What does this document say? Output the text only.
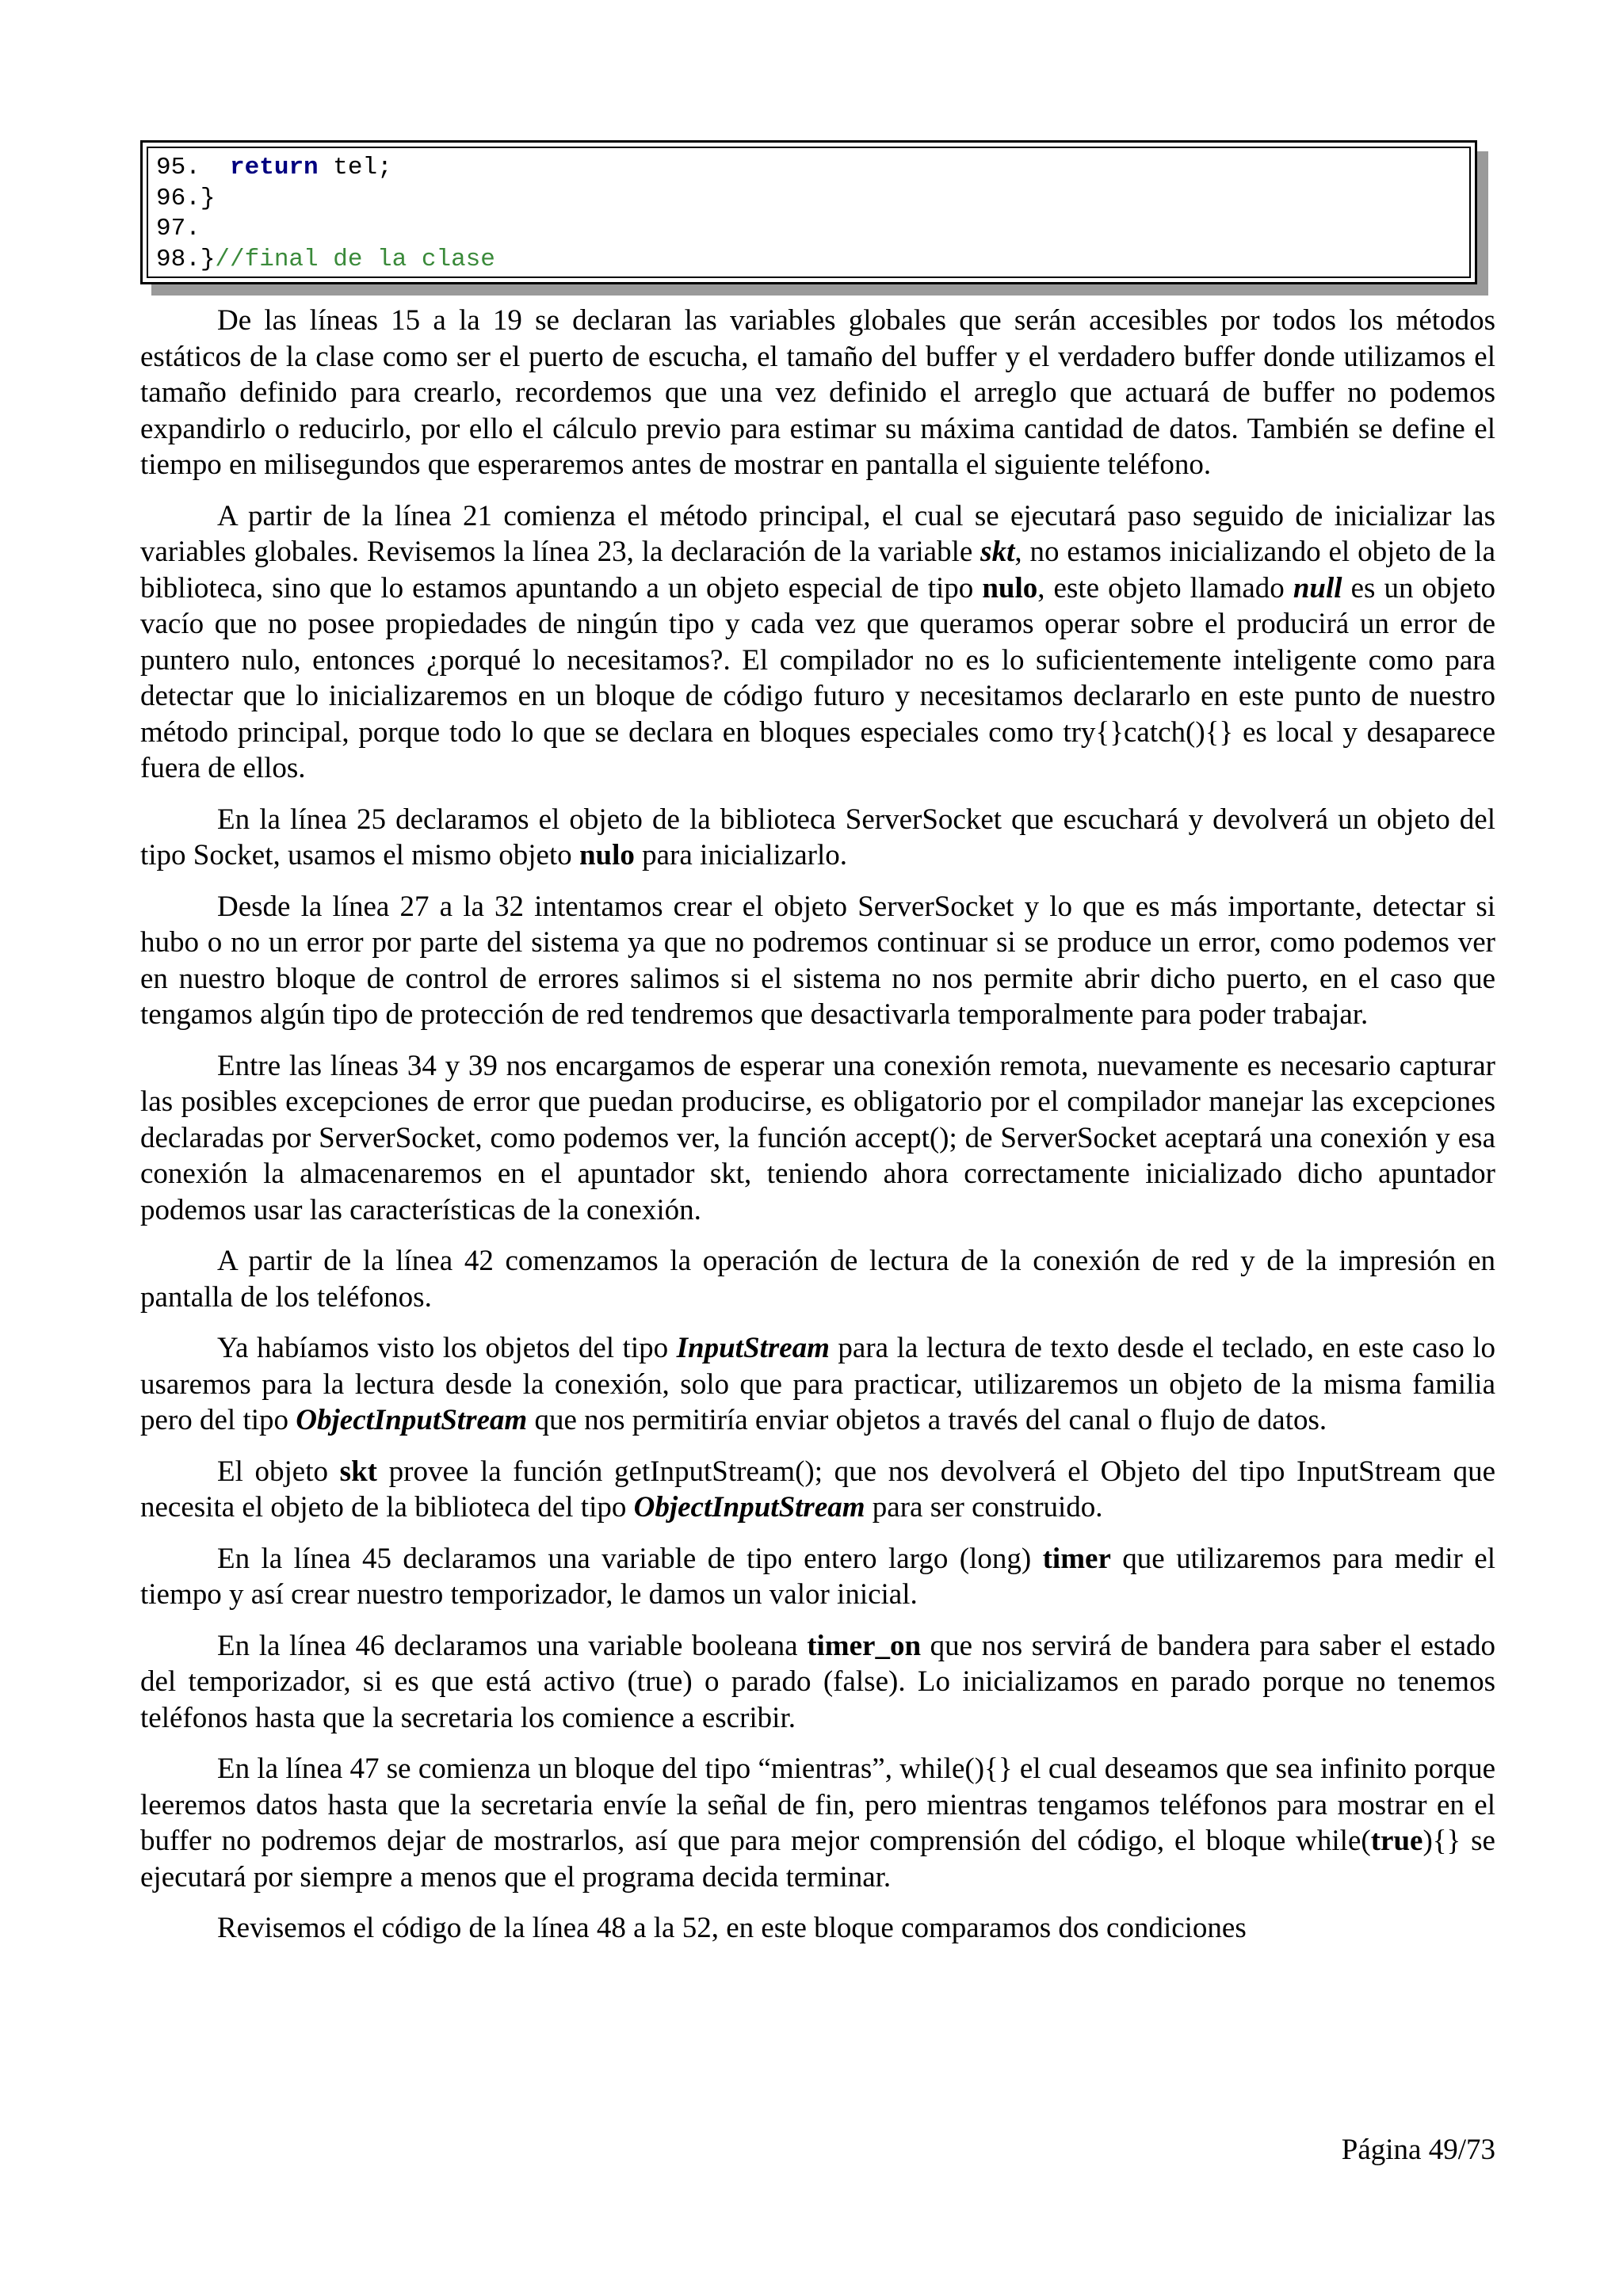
95. return tel;
96.}
97.
98.}//final de la clase

De las líneas 15 a la 19 se declaran las variables globales que serán accesibles por todos los métodos estáticos de la clase como ser el puerto de escucha, el tamaño del buffer y el verdadero buffer donde utilizamos el tamaño definido para crearlo, recordemos que una vez definido el arreglo que actuará de buffer no podemos expandirlo o reducirlo, por ello el cálculo previo para estimar su máxima cantidad de datos. También se define el tiempo en milisegundos que esperaremos antes de mostrar en pantalla el siguiente teléfono.

A partir de la línea 21 comienza el método principal, el cual se ejecutará paso seguido de inicializar las variables globales. Revisemos la línea 23, la declaración de la variable skt, no estamos inicializando el objeto de la biblioteca, sino que lo estamos apuntando a un objeto especial de tipo nulo, este objeto llamado null es un objeto vacío que no posee propiedades de ningún tipo y cada vez que queramos operar sobre el producirá un error de puntero nulo, entonces ¿porqué lo necesitamos?. El compilador no es lo suficientemente inteligente como para detectar que lo inicializaremos en un bloque de código futuro y necesitamos declararlo en este punto de nuestro método principal, porque todo lo que se declara en bloques especiales como try{}catch(){} es local y desaparece fuera de ellos.

En la línea 25 declaramos el objeto de la biblioteca ServerSocket que escuchará y devolverá un objeto del tipo Socket, usamos el mismo objeto nulo para inicializarlo.

Desde la línea 27 a la 32 intentamos crear el objeto ServerSocket y lo que es más importante, detectar si hubo o no un error por parte del sistema ya que no podremos continuar si se produce un error, como podemos ver en nuestro bloque de control de errores salimos si el sistema no nos permite abrir dicho puerto, en el caso que tengamos algún tipo de protección de red tendremos que desactivarla temporalmente para poder trabajar.

Entre las líneas 34 y 39 nos encargamos de esperar una conexión remota, nuevamente es necesario capturar las posibles excepciones de error que puedan producirse, es obligatorio por el compilador manejar las excepciones declaradas por ServerSocket, como podemos ver, la función accept(); de ServerSocket aceptará una conexión y esa conexión la almacenaremos en el apuntador skt, teniendo ahora correctamente inicializado dicho apuntador podemos usar las características de la conexión.

A partir de la línea 42 comenzamos la operación de lectura de la conexión de red y de la impresión en pantalla de los teléfonos.

Ya habíamos visto los objetos del tipo InputStream para la lectura de texto desde el teclado, en este caso lo usaremos para la lectura desde la conexión, solo que para practicar, utilizaremos un objeto de la misma familia pero del tipo ObjectInputStream que nos permitiría enviar objetos a través del canal o flujo de datos.

El objeto skt provee la función getInputStream(); que nos devolverá el Objeto del tipo InputStream que necesita el objeto de la biblioteca del tipo ObjectInputStream para ser construido.

En la línea 45 declaramos una variable de tipo entero largo (long) timer que utilizaremos para medir el tiempo y así crear nuestro temporizador, le damos un valor inicial.

En la línea 46 declaramos una variable booleana timer_on que nos servirá de bandera para saber el estado del temporizador, si es que está activo (true) o parado (false). Lo inicializamos en parado porque no tenemos teléfonos hasta que la secretaria los comience a escribir.

En la línea 47 se comienza un bloque del tipo “mientras”, while(){} el cual deseamos que sea infinito porque leeremos datos hasta que la secretaria envíe la señal de fin, pero mientras tengamos teléfonos para mostrar en el buffer no podremos dejar de mostrarlos, así que para mejor comprensión del código, el bloque while(true){} se ejecutará por siempre a menos que el programa decida terminar.

Revisemos el código de la línea 48 a la 52, en este bloque comparamos dos condiciones

Página 49/73
